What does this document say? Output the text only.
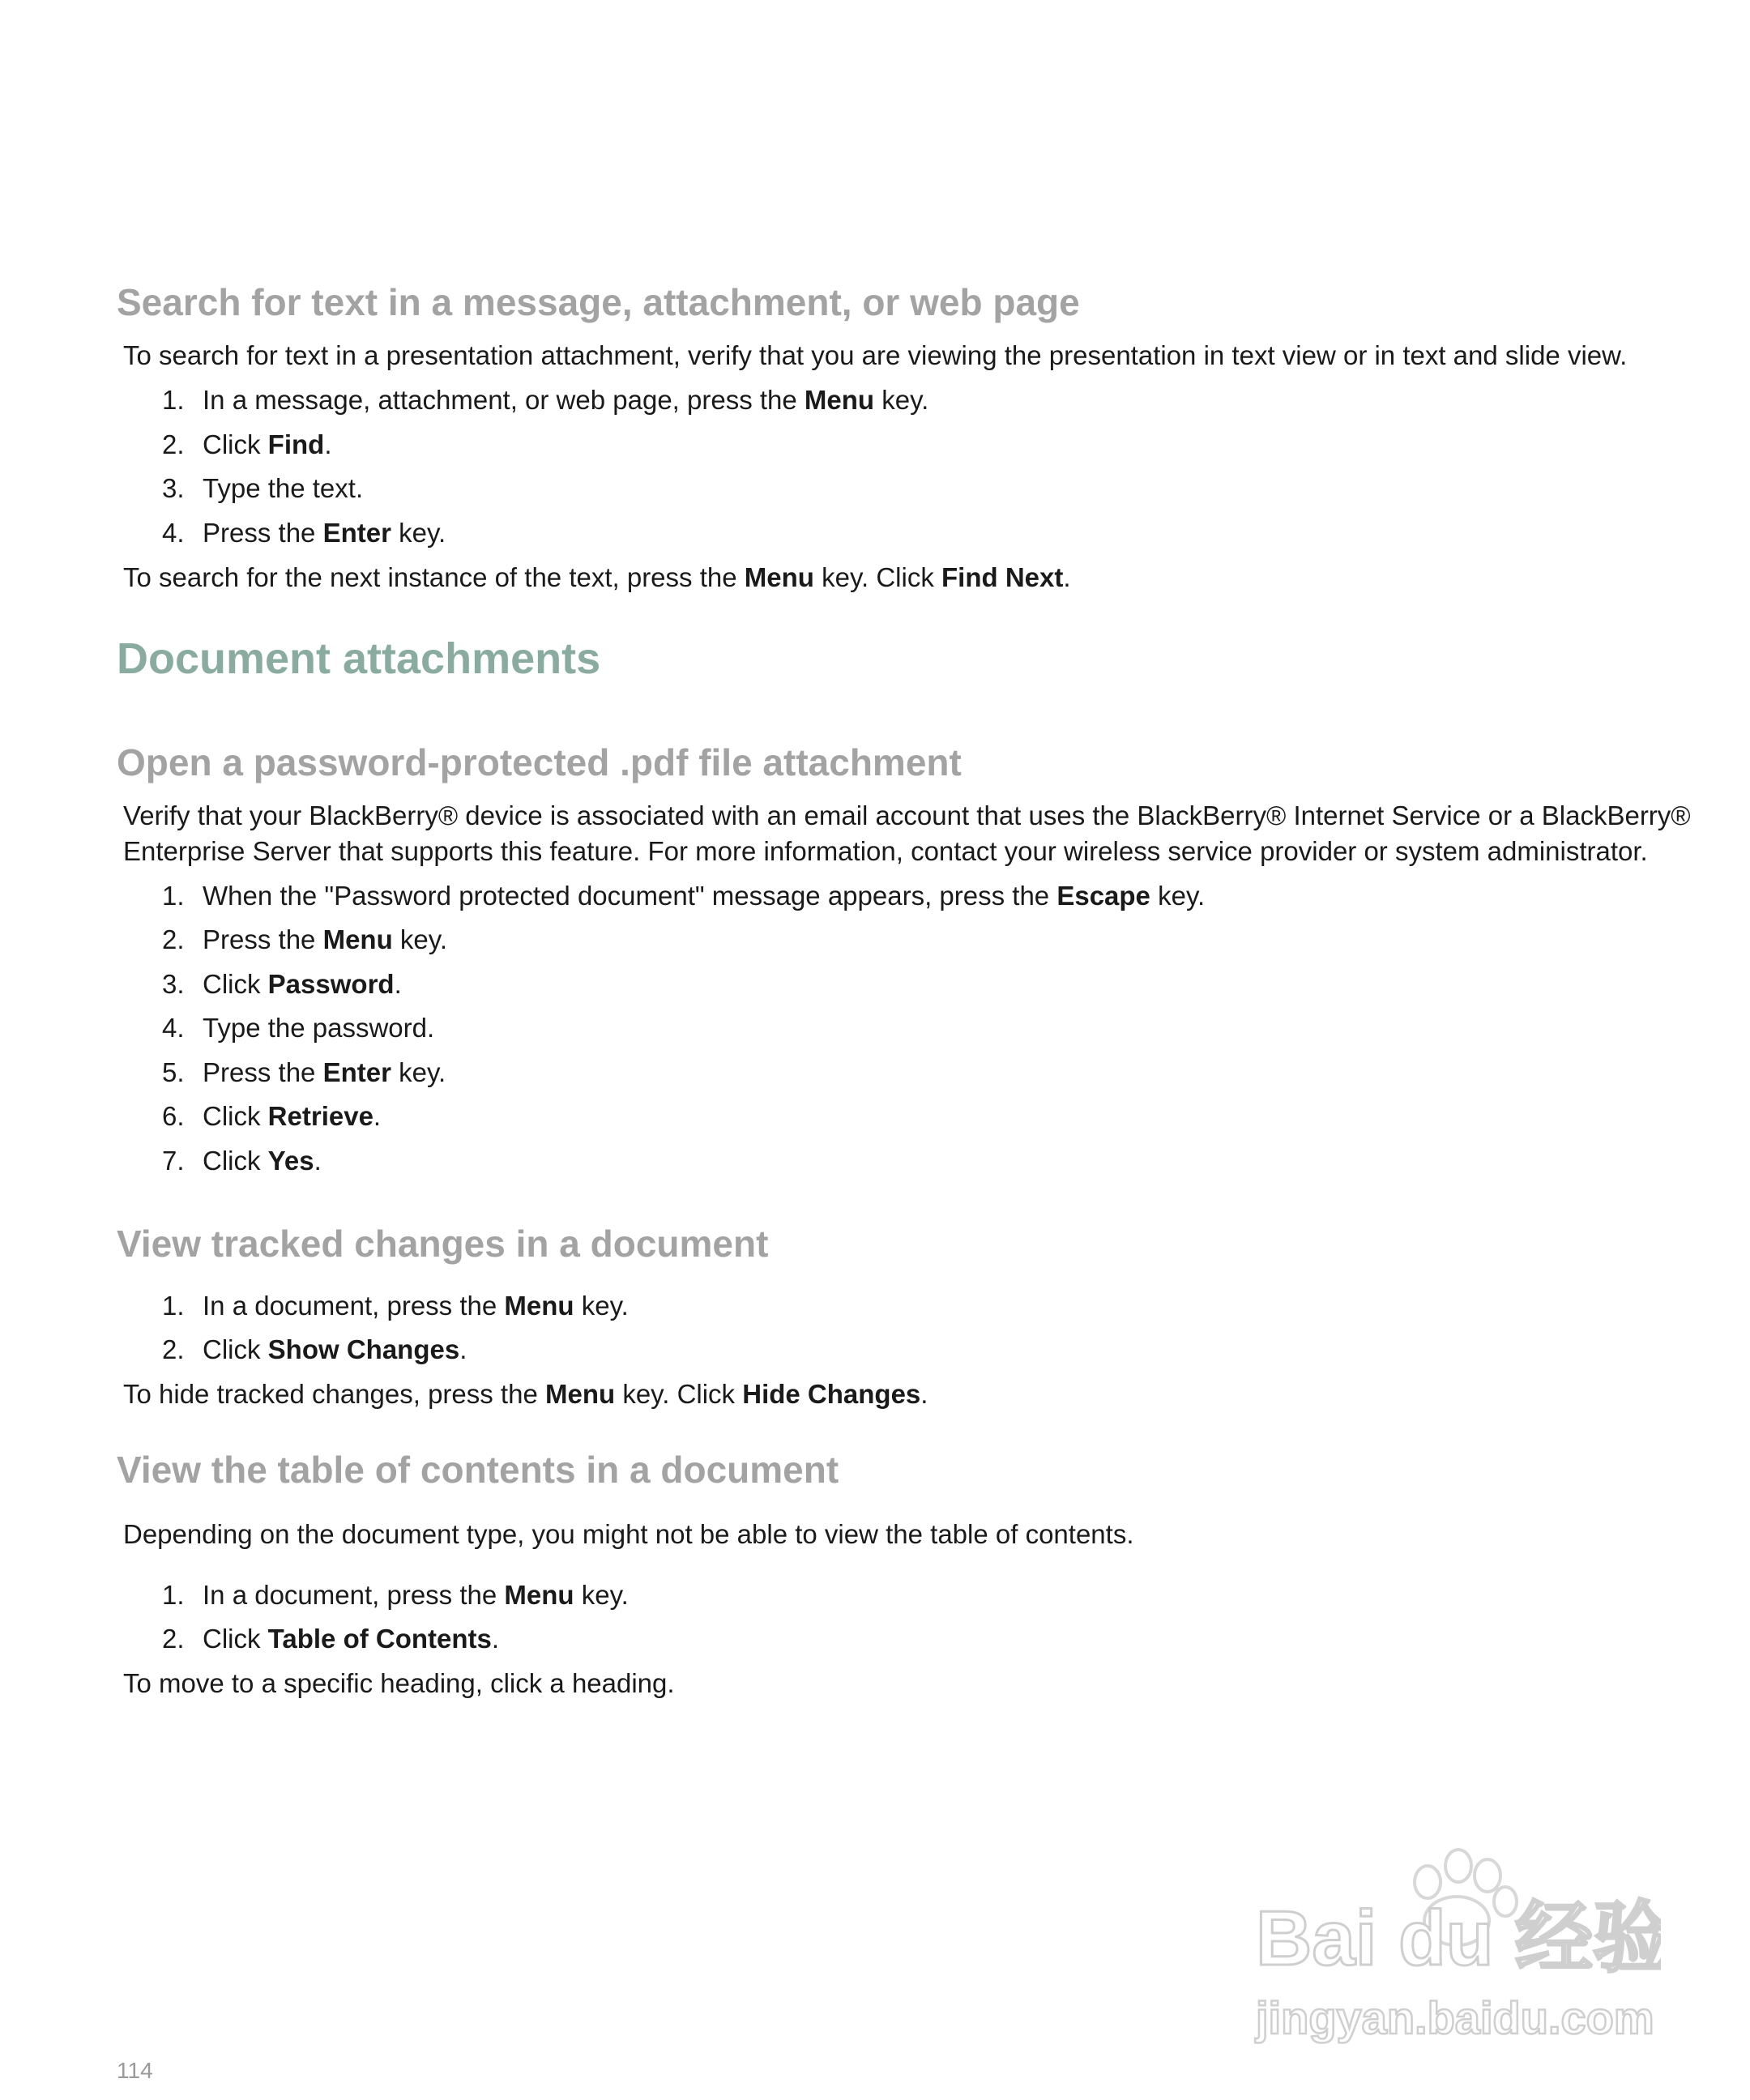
Search for text in a message, attachment, or web page
To search for text in a presentation attachment, verify that you are viewing the presentation in text view or in text and slide view.
1. In a message, attachment, or web page, press the Menu key.
2. Click Find.
3. Type the text.
4. Press the Enter key.
To search for the next instance of the text, press the Menu key. Click Find Next.
Document attachments
Open a password-protected .pdf file attachment
Verify that your BlackBerry® device is associated with an email account that uses the BlackBerry® Internet Service or a BlackBerry®
Enterprise Server that supports this feature. For more information, contact your wireless service provider or system administrator.
1. When the "Password protected document" message appears, press the Escape key.
2. Press the Menu key.
3. Click Password.
4. Type the password.
5. Press the Enter key.
6. Click Retrieve.
7. Click Yes.
View tracked changes in a document
1. In a document, press the Menu key.
2. Click Show Changes.
To hide tracked changes, press the Menu key. Click Hide Changes.
View the table of contents in a document
Depending on the document type, you might not be able to view the table of contents.
1. In a document, press the Menu key.
2. Click Table of Contents.
To move to a specific heading, click a heading.
114
Bai du 经验
jingyan.baidu.com
